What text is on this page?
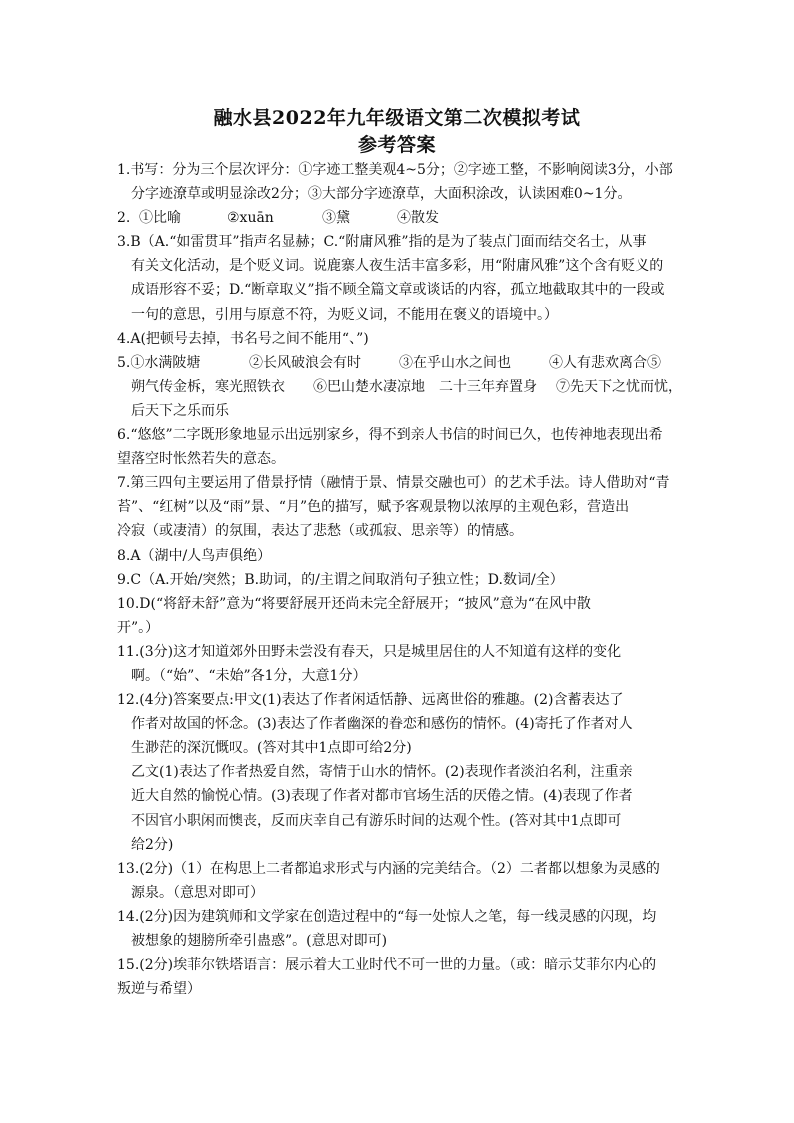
融水县2022年九年级语文第二次模拟考试
参考答案
1.书写：分为三个层次评分：①字迹工整美观4~5分；②字迹工整，不影响阅读3分，小部
分字迹潦草或明显涂改2分；③大部分字迹潦草，大面积涂改，认读困难0~1分。
2. ①比喻	②xuān	③黛	④散发
3.B（A.“如雷贯耳”指声名显赫；C.“附庸风雅”指的是为了装点门面而结交名士，从事
有关文化活动，是个贬义词。说鹿寨人夜生活丰富多彩，用“附庸风雅”这个含有贬义的
成语形容不妥；D.“断章取义”指不顾全篇文章或谈话的内容，孤立地截取其中的一段或
一句的意思，引用与原意不符，为贬义词，不能用在褒义的语境中。）
4.A(把顿号去掉，书名号之间不能用“、”)
5.①水满陂塘	②长风破浪会有时	③在乎山水之间也	④人有悲欢离合⑤
朔气传金柝，寒光照铁衣	⑥巴山楚水凄凉地　二十三年弃置身	⑦先天下之忧而忧，
后天下之乐而乐
6.“悠悠”二字既形象地显示出远别家乡，得不到亲人书信的时间已久，也传神地表现出希
望落空时怅然若失的意态。
7.第三四句主要运用了借景抒情（融情于景、情景交融也可）的艺术手法。诗人借助对“青
苔”、“红树”以及“雨”景、“月”色的描写，赋予客观景物以浓厚的主观色彩，营造出
冷寂（或凄清）的氛围，表达了悲愁（或孤寂、思亲等）的情感。
8.A（湖中/人鸟声俱绝）
9.C（A.开始/突然；B.助词，的/主谓之间取消句子独立性；D.数词/全）
10.D(“将舒未舒”意为“将要舒展开还尚未完全舒展开；“披风”意为“在风中散
开”。）
11.(3分)这才知道郊外田野未尝没有春天，只是城里居住的人不知道有这样的变化
啊。（“始”、“未始”各1分，大意1分）
12.(4分)答案要点:甲文(1)表达了作者闲适恬静、远离世俗的雅趣。(2)含蓄表达了
作者对故国的怀念。(3)表达了作者幽深的眷恋和感伤的情怀。(4)寄托了作者对人
生渺茫的深沉慨叹。(答对其中1点即可给2分)
乙文(1)表达了作者热爱自然，寄情于山水的情怀。(2)表现作者淡泊名利，注重亲
近大自然的愉悦心情。(3)表现了作者对都市官场生活的厌倦之情。(4)表现了作者
不因官小职闲而懊丧，反而庆幸自己有游乐时间的达观个性。(答对其中1点即可
给2分)
13.(2分)（1）在构思上二者都追求形式与内涵的完美结合。（2）二者都以想象为灵感的
源泉。（意思对即可）
14.(2分)因为建筑师和文学家在创造过程中的“每一处惊人之笔，每一线灵感的闪现，均
被想象的翅膀所牵引蛊惑”。(意思对即可)
15.(2分)埃菲尔铁塔语言：展示着大工业时代不可一世的力量。（或：暗示艾菲尔内心的
叛逆与希望）
